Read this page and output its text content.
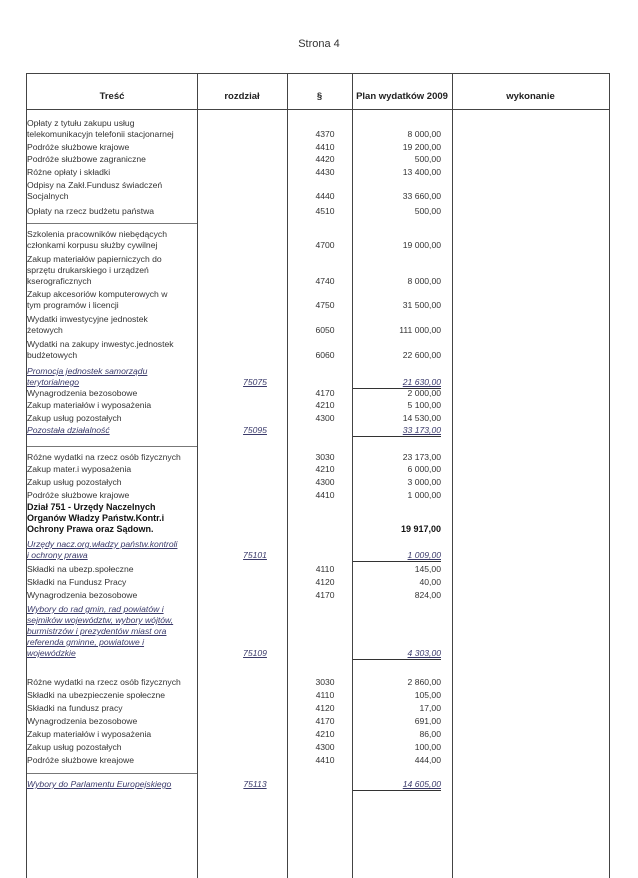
Strona 4
Treść	rozdział	§	Plan wydatków 2009	wykonanie
Opłaty z tytułu zakupu usług
telekomunikacyjn telefonii stacjonarnej	4370	8 000,00
Podróże służbowe krajowe	4410	19 200,00
Podróże służbowe zagraniczne	4420	500,00
Różne opłaty i składki	4430	13 400,00
Odpisy na Zakł.Fundusz świadczeń
Socjalnych	4440	33 660,00
Opłaty na rzecz budżetu państwa	4510	500,00
Szkolenia pracowników niebędących
członkami korpusu służby cywilnej	4700	19 000,00
Zakup materiałów papierniczych do
sprzętu drukarskiego i urządzeń
kserograficznych	4740	8 000,00
Zakup akcesoriów komputerowych w
tym programów i licencji	4750	31 500,00
Wydatki inwestycyjne jednostek
żetowych	6050	111 000,00
Wydatki na zakupy inwestyc.jednostek
budżetowych	6060	22 600,00
Promocja jednostek samorządu
terytorialnego	75075	21 630,00
Wynagrodzenia bezosobowe	4170	2 000,00
Zakup materiałów i wyposażenia	4210	5 100,00
Zakup usług pozostałych	4300	14 530,00
Pozostała działalność	75095	33 173,00
Różne wydatki na rzecz osób fizycznych	3030	23 173,00
Zakup mater.i wyposażenia	4210	6 000,00
Zakup usług pozostałych	4300	3 000,00
Podróże służbowe krajowe	4410	1 000,00
Dział 751 - Urzędy Naczelnych
Organów Władzy Państw.Kontr.i
Ochrony Prawa oraz Sądown.	19 917,00
Urzędy nacz.org.władzy państw.kontroli
i ochrony prawa	75101	1 009,00
Składki na ubezp.społeczne	4110	145,00
Składki na Fundusz Pracy	4120	40,00
Wynagrodzenia bezosobowe	4170	824,00
Wybory do rad gmin, rad powiatów i
sejmików województw, wybory wójtów,
burmistrzów i prezydentów miast ora
referenda gminne, powiatowe i
wojewódzkie	75109	4 303,00
Różne wydatki na rzecz osób fizycznych	3030	2 860,00
Składki na ubezpieczenie społeczne	4110	105,00
Składki na fundusz pracy	4120	17,00
Wynagrodzenia bezosobowe	4170	691,00
Zakup materiałów i wyposażenia	4210	86,00
Zakup usług pozostałych	4300	100,00
Podróże służbowe kreajowe	4410	444,00
Wybory do Parlamentu Europejskiego	75113	14 605,00
